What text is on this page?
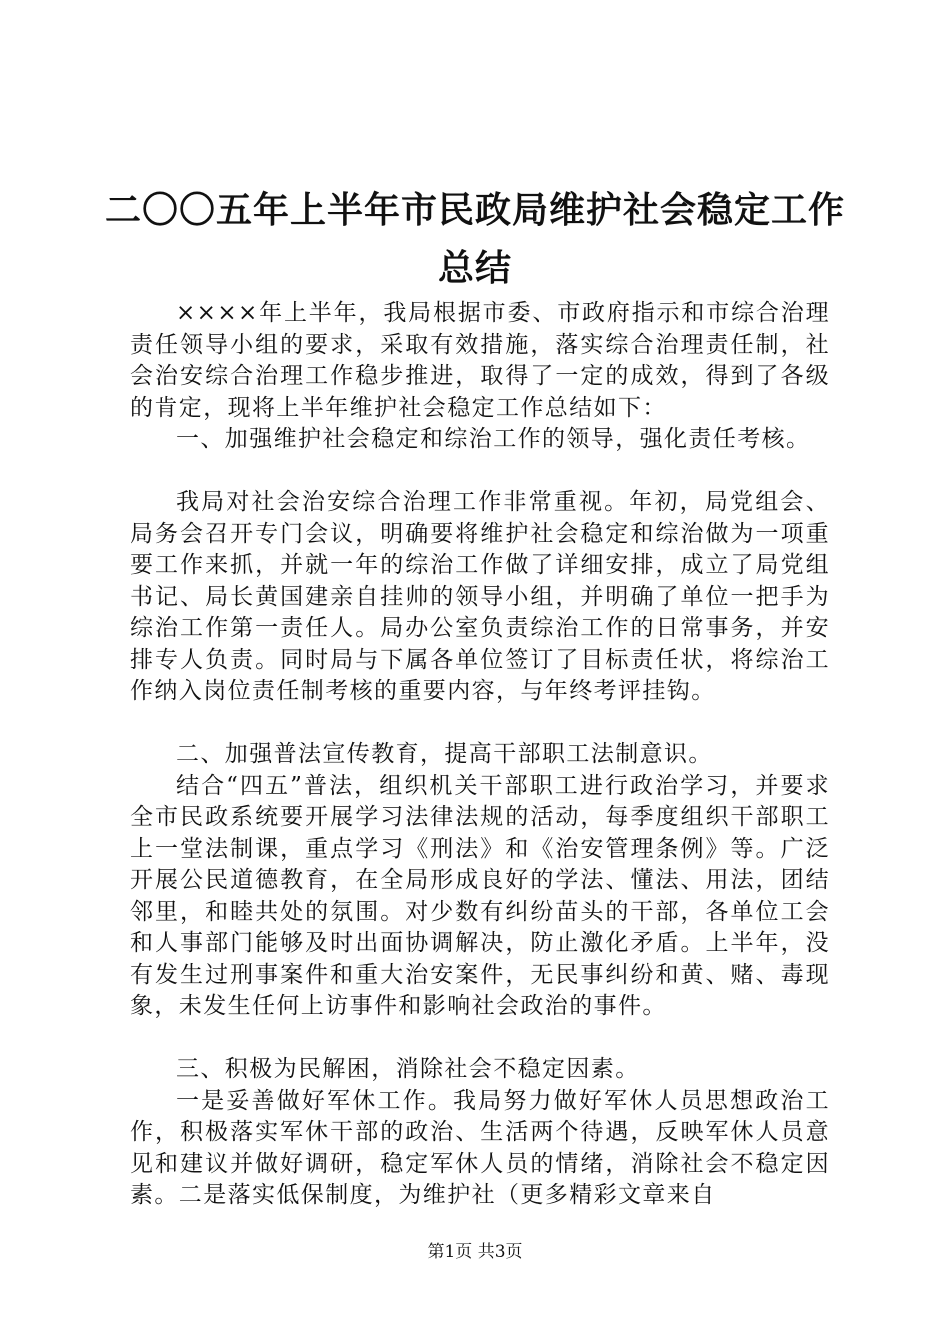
二〇〇五年上半年市民政局维护社会稳定工作
总结

××××年上半年，我局根据市委、市政府指示和市综合治理责任领导小组的要求，采取有效措施，落实综合治理责任制，社会治安综合治理工作稳步推进，取得了一定的成效，得到了各级的肯定，现将上半年维护社会稳定工作总结如下：

一、加强维护社会稳定和综治工作的领导，强化责任考核。

我局对社会治安综合治理工作非常重视。年初，局党组会、局务会召开专门会议，明确要将维护社会稳定和综治做为一项重要工作来抓，并就一年的综治工作做了详细安排，成立了局党组书记、局长黄国建亲自挂帅的领导小组，并明确了单位一把手为综治工作第一责任人。局办公室负责综治工作的日常事务，并安排专人负责。同时局与下属各单位签订了目标责任状，将综治工作纳入岗位责任制考核的重要内容，与年终考评挂钩。

二、加强普法宣传教育，提高干部职工法制意识。

结合“四五”普法，组织机关干部职工进行政治学习，并要求全市民政系统要开展学习法律法规的活动，每季度组织干部职工上一堂法制课，重点学习《刑法》和《治安管理条例》等。广泛开展公民道德教育，在全局形成良好的学法、懂法、用法，团结邻里，和睦共处的氛围。对少数有纠纷苗头的干部，各单位工会和人事部门能够及时出面协调解决，防止激化矛盾。上半年，没有发生过刑事案件和重大治安案件，无民事纠纷和黄、赌、毒现象，未发生任何上访事件和影响社会政治的事件。

三、积极为民解困，消除社会不稳定因素。

一是妥善做好军休工作。我局努力做好军休人员思想政治工作，积极落实军休干部的政治、生活两个待遇，反映军休人员意见和建议并做好调研，稳定军休人员的情绪，消除社会不稳定因素。二是落实低保制度，为维护社（更多精彩文章来自

第1页 共3页
